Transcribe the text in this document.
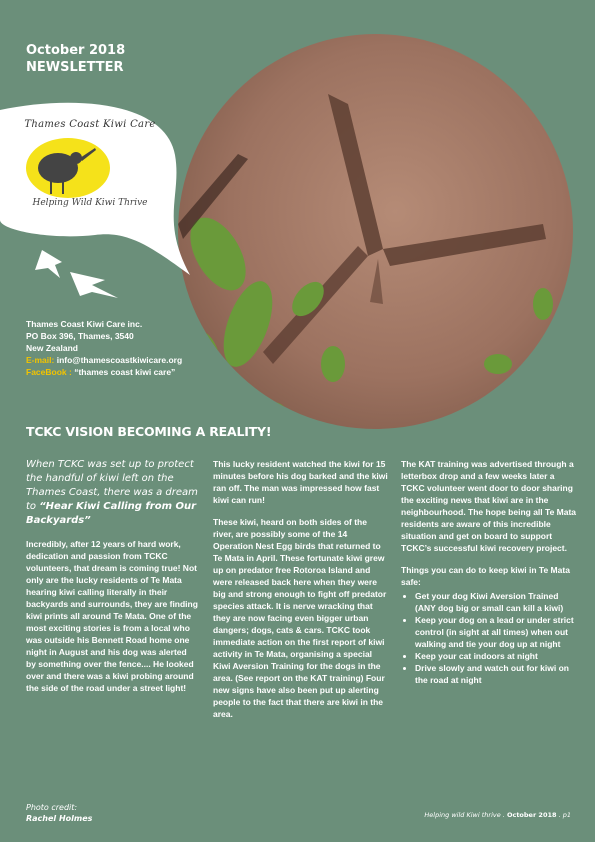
October 2018
NEWSLETTER
Thames Coast Kiwi Care
Helping Wild Kiwi Thrive
Thames Coast Kiwi Care inc.
PO Box 396, Thames, 3540
New Zealand
E-mail: info@thamescoastkiwicare.org
FaceBook : “thames coast kiwi care”
TCKC VISION BECOMING A REALITY!
When TCKC was set up to protect the handful of kiwi left on the Thames Coast, there was a dream to “Hear Kiwi Calling from Our Backyards”

Incredibly, after 12 years of hard work, dedication and passion from TCKC volunteers, that dream is coming true! Not only are the lucky residents of Te Mata hearing kiwi calling literally in their backyards and surrounds, they are finding kiwi prints all around Te Mata. One of the most exciting stories is from a local who was outside his Bennett Road home one night in August and his dog was alerted by something over the fence.... He looked over and there was a kiwi probing around the side of the road under a street light!

This lucky resident watched the kiwi for 15 minutes before his dog barked and the kiwi ran off. The man was impressed how fast kiwi can run!

These kiwi, heard on both sides of the river, are possibly some of the 14 Operation Nest Egg birds that returned to Te Mata in April. These fortunate kiwi grew up on predator free Rotoroa Island and were released back here when they were big and strong enough to fight off predator species attack. It is nerve wracking that they are now facing even bigger urban dangers; dogs, cats & cars. TCKC took immediate action on the first report of kiwi activity in Te Mata, organising a special Kiwi Aversion Training for the dogs in the area. (See report on the KAT training) Four new signs have also been put up alerting people to the fact that there are kiwi in the area.

The KAT training was advertised through a letterbox drop and a few weeks later a TCKC volunteer went door to door sharing the exciting news that kiwi are in the neighbourhood. The hope being all Te Mata residents are aware of this incredible situation and get on board to support TCKC’s successful kiwi recovery project.

Things you can do to keep kiwi in Te Mata safe:

• Get your dog Kiwi Aversion Trained (ANY dog big or small can kill a kiwi)
• Keep your dog on a lead or under strict control (in sight at all times) when out walking and tie your dog up at night
• Keep your cat indoors at night
• Drive slowly and watch out for kiwi on the road at night
Photo credit:
Rachel Holmes	Helping wild Kiwi thrive . October 2018 . p1
